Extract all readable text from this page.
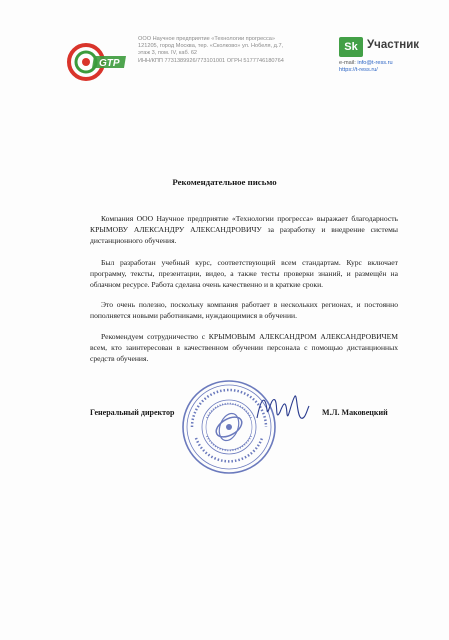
GTP
ООО Научное предприятие «Технологии прогресса»
121205, город Москва, тер. «Сколково» ул. Нобеля, д.7,
этаж 3, пом. IV, каб. 62
ИНН/КПП 7731389926/773101001 ОГРН 5177746180764
Sk Участник
e-mail: info@t-ress.ru
https://t-ress.ru/
Рекомендательное письмо

Компания ООО Научное предприятие «Технологии прогресса» выражает благодарность КРЫМОВУ АЛЕКСАНДРУ АЛЕКСАНДРОВИЧУ за разработку и внедрение системы дистанционного обучения.

Был разработан учебный курс, соответствующий всем стандартам. Курс включает программу, тексты, презентации, видео, а также тесты проверки знаний, и размещён на облачном ресурсе. Работа сделана очень качественно и в краткие сроки.

Это очень полезно, поскольку компания работает в нескольких регионах, и постоянно пополняется новыми работниками, нуждающимися в обучении.

Рекомендуем сотрудничество с КРЫМОВЫМ АЛЕКСАНДРОМ АЛЕКСАНДРОВИЧЕМ всем, кто заинтересован в качественном обучении персонала с помощью дистанционных средств обучения.

Генеральный директор	М.Л. Маковецкий
